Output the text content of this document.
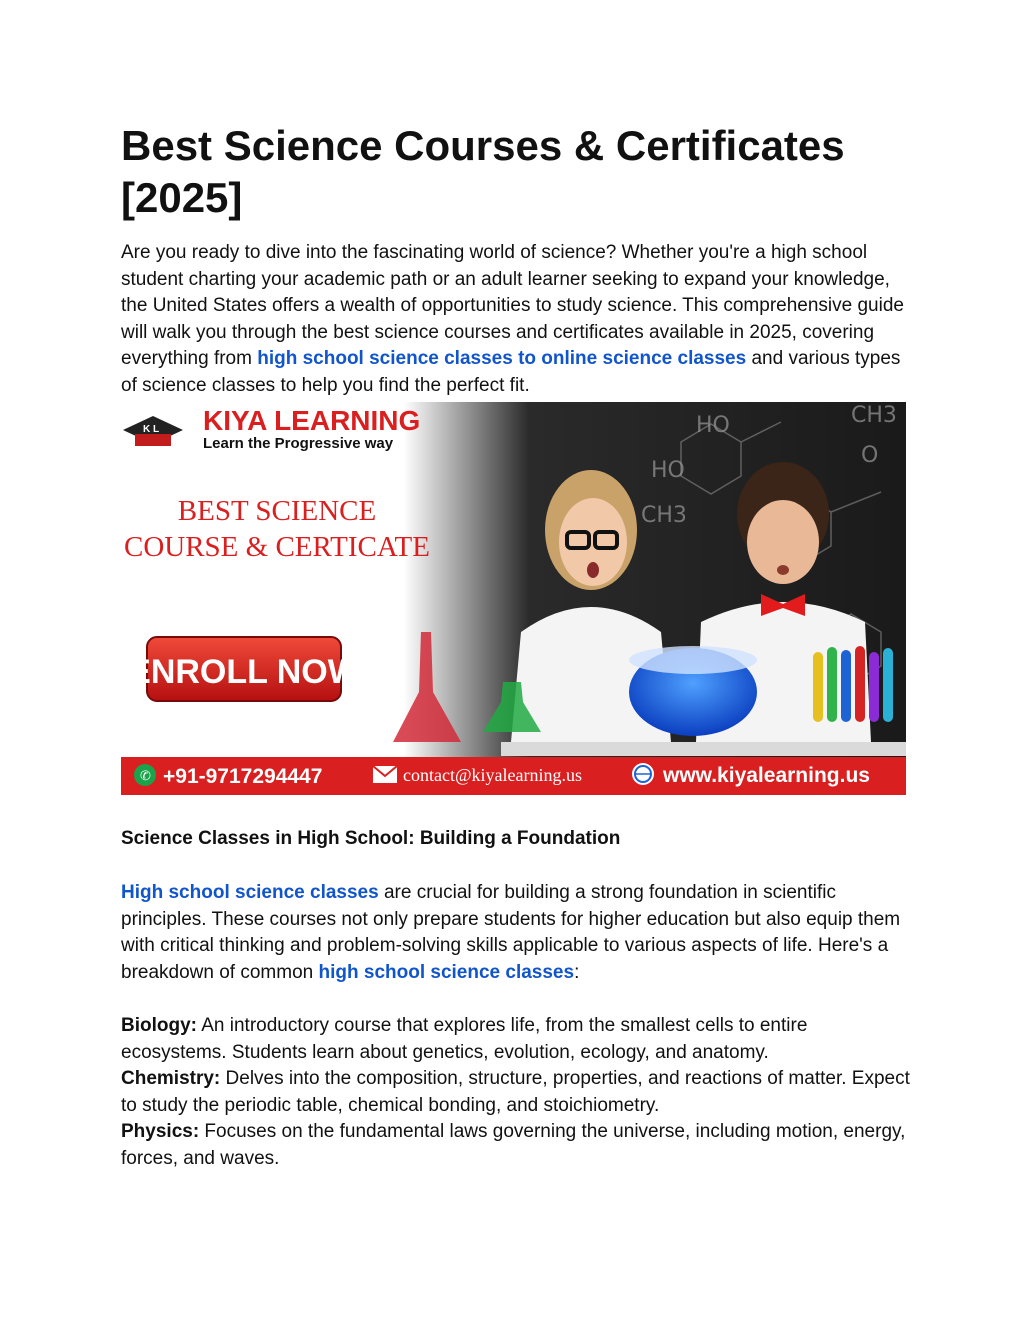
Best Science Courses & Certificates [2025]

Are you ready to dive into the fascinating world of science? Whether you're a high school student charting your academic path or an adult learner seeking to expand your knowledge, the United States offers a wealth of opportunities to study science. This comprehensive guide will walk you through the best science courses and certificates available in 2025, covering everything from high school science classes to online science classes and various types of science classes to help you find the perfect fit.

HO	CH3
HO
CH3
O
K L KIYA LEARNING
Learn the Progressive way
BEST SCIENCE
COURSE & CERTICATE
ENROLL NOW
✆ +91-9717294447	contact@kiyalearning.us	www.kiyalearning.us
Science Classes in High School: Building a Foundation

High school science classes are crucial for building a strong foundation in scientific principles. These courses not only prepare students for higher education but also equip them with critical thinking and problem-solving skills applicable to various aspects of life. Here's a breakdown of common high school science classes:

Biology: An introductory course that explores life, from the smallest cells to entire ecosystems. Students learn about genetics, evolution, ecology, and anatomy.

Chemistry: Delves into the composition, structure, properties, and reactions of matter. Expect to study the periodic table, chemical bonding, and stoichiometry.

Physics: Focuses on the fundamental laws governing the universe, including motion, energy, forces, and waves.
